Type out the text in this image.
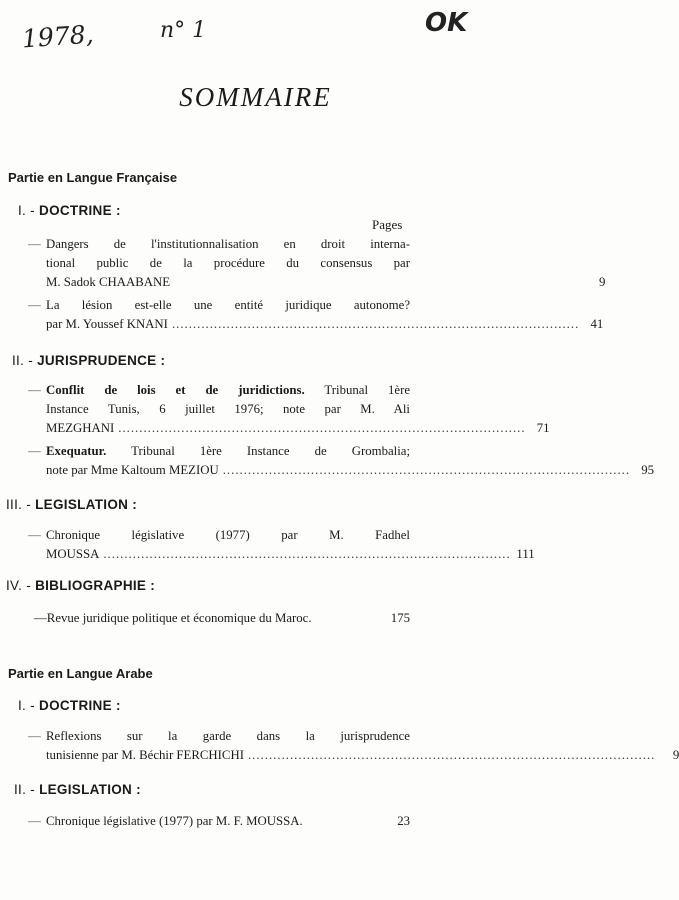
1978,	n° 1	OK
SOMMAIRE
Partie en Langue Française
I. - DOCTRINE :
Pages
— Dangers de l'institutionnalisation en droit interna-
tional public de la procédure du consensus par
M. Sadok CHAABANE	9
— La lésion est-elle une entité juridique autonome?
par M. Youssef KNANI ................................................................................................. 41
II. - JURISPRUDENCE :
— Conflit de lois et de juridictions. Tribunal 1ère
Instance Tunis, 6 juillet 1976; note par M. Ali
MEZGHANI ................................................................................................. 71
— Exequatur. Tribunal 1ère Instance de Grombalia;
note par Mme Kaltoum MEZIOU ................................................................................................. 95
III. - LEGISLATION :
— Chronique législative (1977) par M. Fadhel
MOUSSA ................................................................................................. 111
IV. - BIBLIOGRAPHIE :
— Revue juridique politique et économique du Maroc.	175
Partie en Langue Arabe
I. - DOCTRINE :
— Reflexions sur la garde dans la jurisprudence
tunisienne par M. Béchir FERCHICHI .................................................................................................	9
II. - LEGISLATION :
— Chronique législative (1977) par M. F. MOUSSA.	23
